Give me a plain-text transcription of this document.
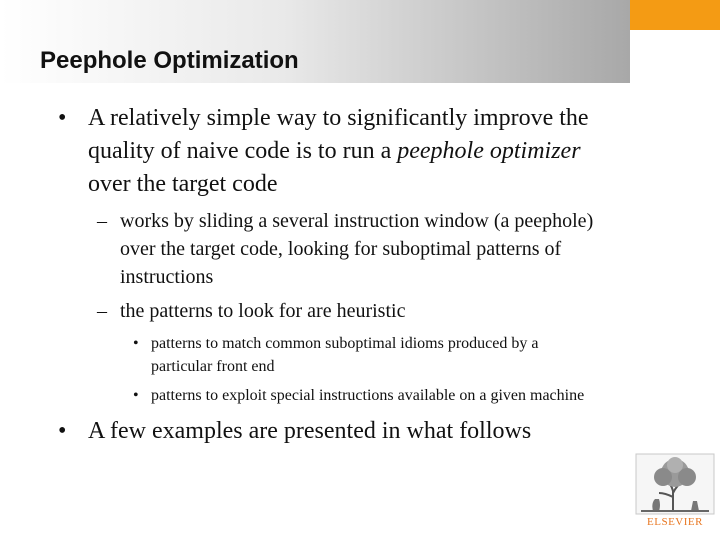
Peephole Optimization
• A relatively simple way to significantly improve the
quality of naive code is to run a peephole optimizer
over the target code
– works by sliding a several instruction window (a peephole)
over the target code, looking for suboptimal patterns of
instructions
– the patterns to look for are heuristic
• patterns to match common suboptimal idioms produced by a
particular front end
• patterns to exploit special instructions available on a given machine
• A few examples are presented in what follows
ELSEVIER
